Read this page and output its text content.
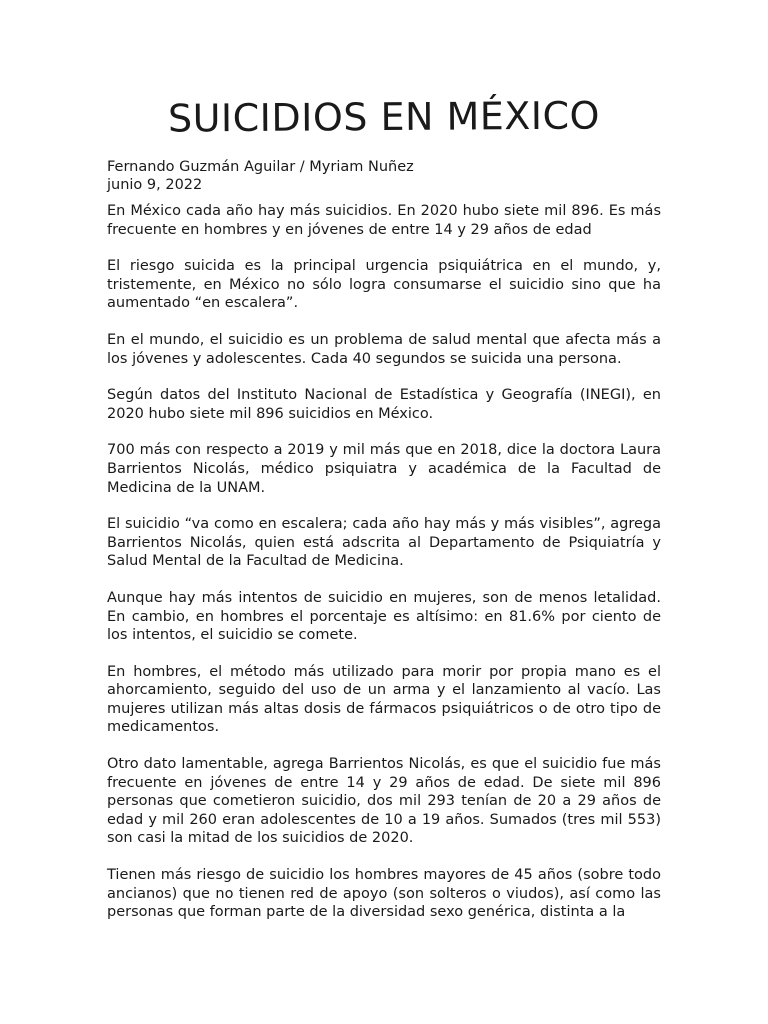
SUICIDIOS EN MÉXICO
Fernando Guzmán Aguilar / Myriam Nuñez
junio 9, 2022

En México cada año hay más suicidios. En 2020 hubo siete mil 896. Es más frecuente en hombres y en jóvenes de entre 14 y 29 años de edad

El riesgo suicida es la principal urgencia psiquiátrica en el mundo, y, tristemente, en México no sólo logra consumarse el suicidio sino que ha aumentado “en escalera”.

En el mundo, el suicidio es un problema de salud mental que afecta más a los jóvenes y adolescentes. Cada 40 segundos se suicida una persona.

Según datos del Instituto Nacional de Estadística y Geografía (INEGI), en 2020 hubo siete mil 896 suicidios en México.

700 más con respecto a 2019 y mil más que en 2018, dice la doctora Laura Barrientos Nicolás, médico psiquiatra y académica de la Facultad de Medicina de la UNAM.

El suicidio “va como en escalera; cada año hay más y más visibles”, agrega Barrientos Nicolás, quien está adscrita al Departamento de Psiquiatría y Salud Mental de la Facultad de Medicina.

Aunque hay más intentos de suicidio en mujeres, son de menos letalidad. En cambio, en hombres el porcentaje es altísimo: en 81.6% por ciento de los intentos, el suicidio se comete.

En hombres, el método más utilizado para morir por propia mano es el ahorcamiento, seguido del uso de un arma y el lanzamiento al vacío. Las mujeres utilizan más altas dosis de fármacos psiquiátricos o de otro tipo de medicamentos.

Otro dato lamentable, agrega Barrientos Nicolás, es que el suicidio fue más frecuente en jóvenes de entre 14 y 29 años de edad. De siete mil 896 personas que cometieron suicidio, dos mil 293 tenían de 20 a 29 años de edad y mil 260 eran adolescentes de 10 a 19 años. Sumados (tres mil 553) son casi la mitad de los suicidios de 2020.

Tienen más riesgo de suicidio los hombres mayores de 45 años (sobre todo ancianos) que no tienen red de apoyo (son solteros o viudos), así como las personas que forman parte de la diversidad sexo genérica, distinta a la
